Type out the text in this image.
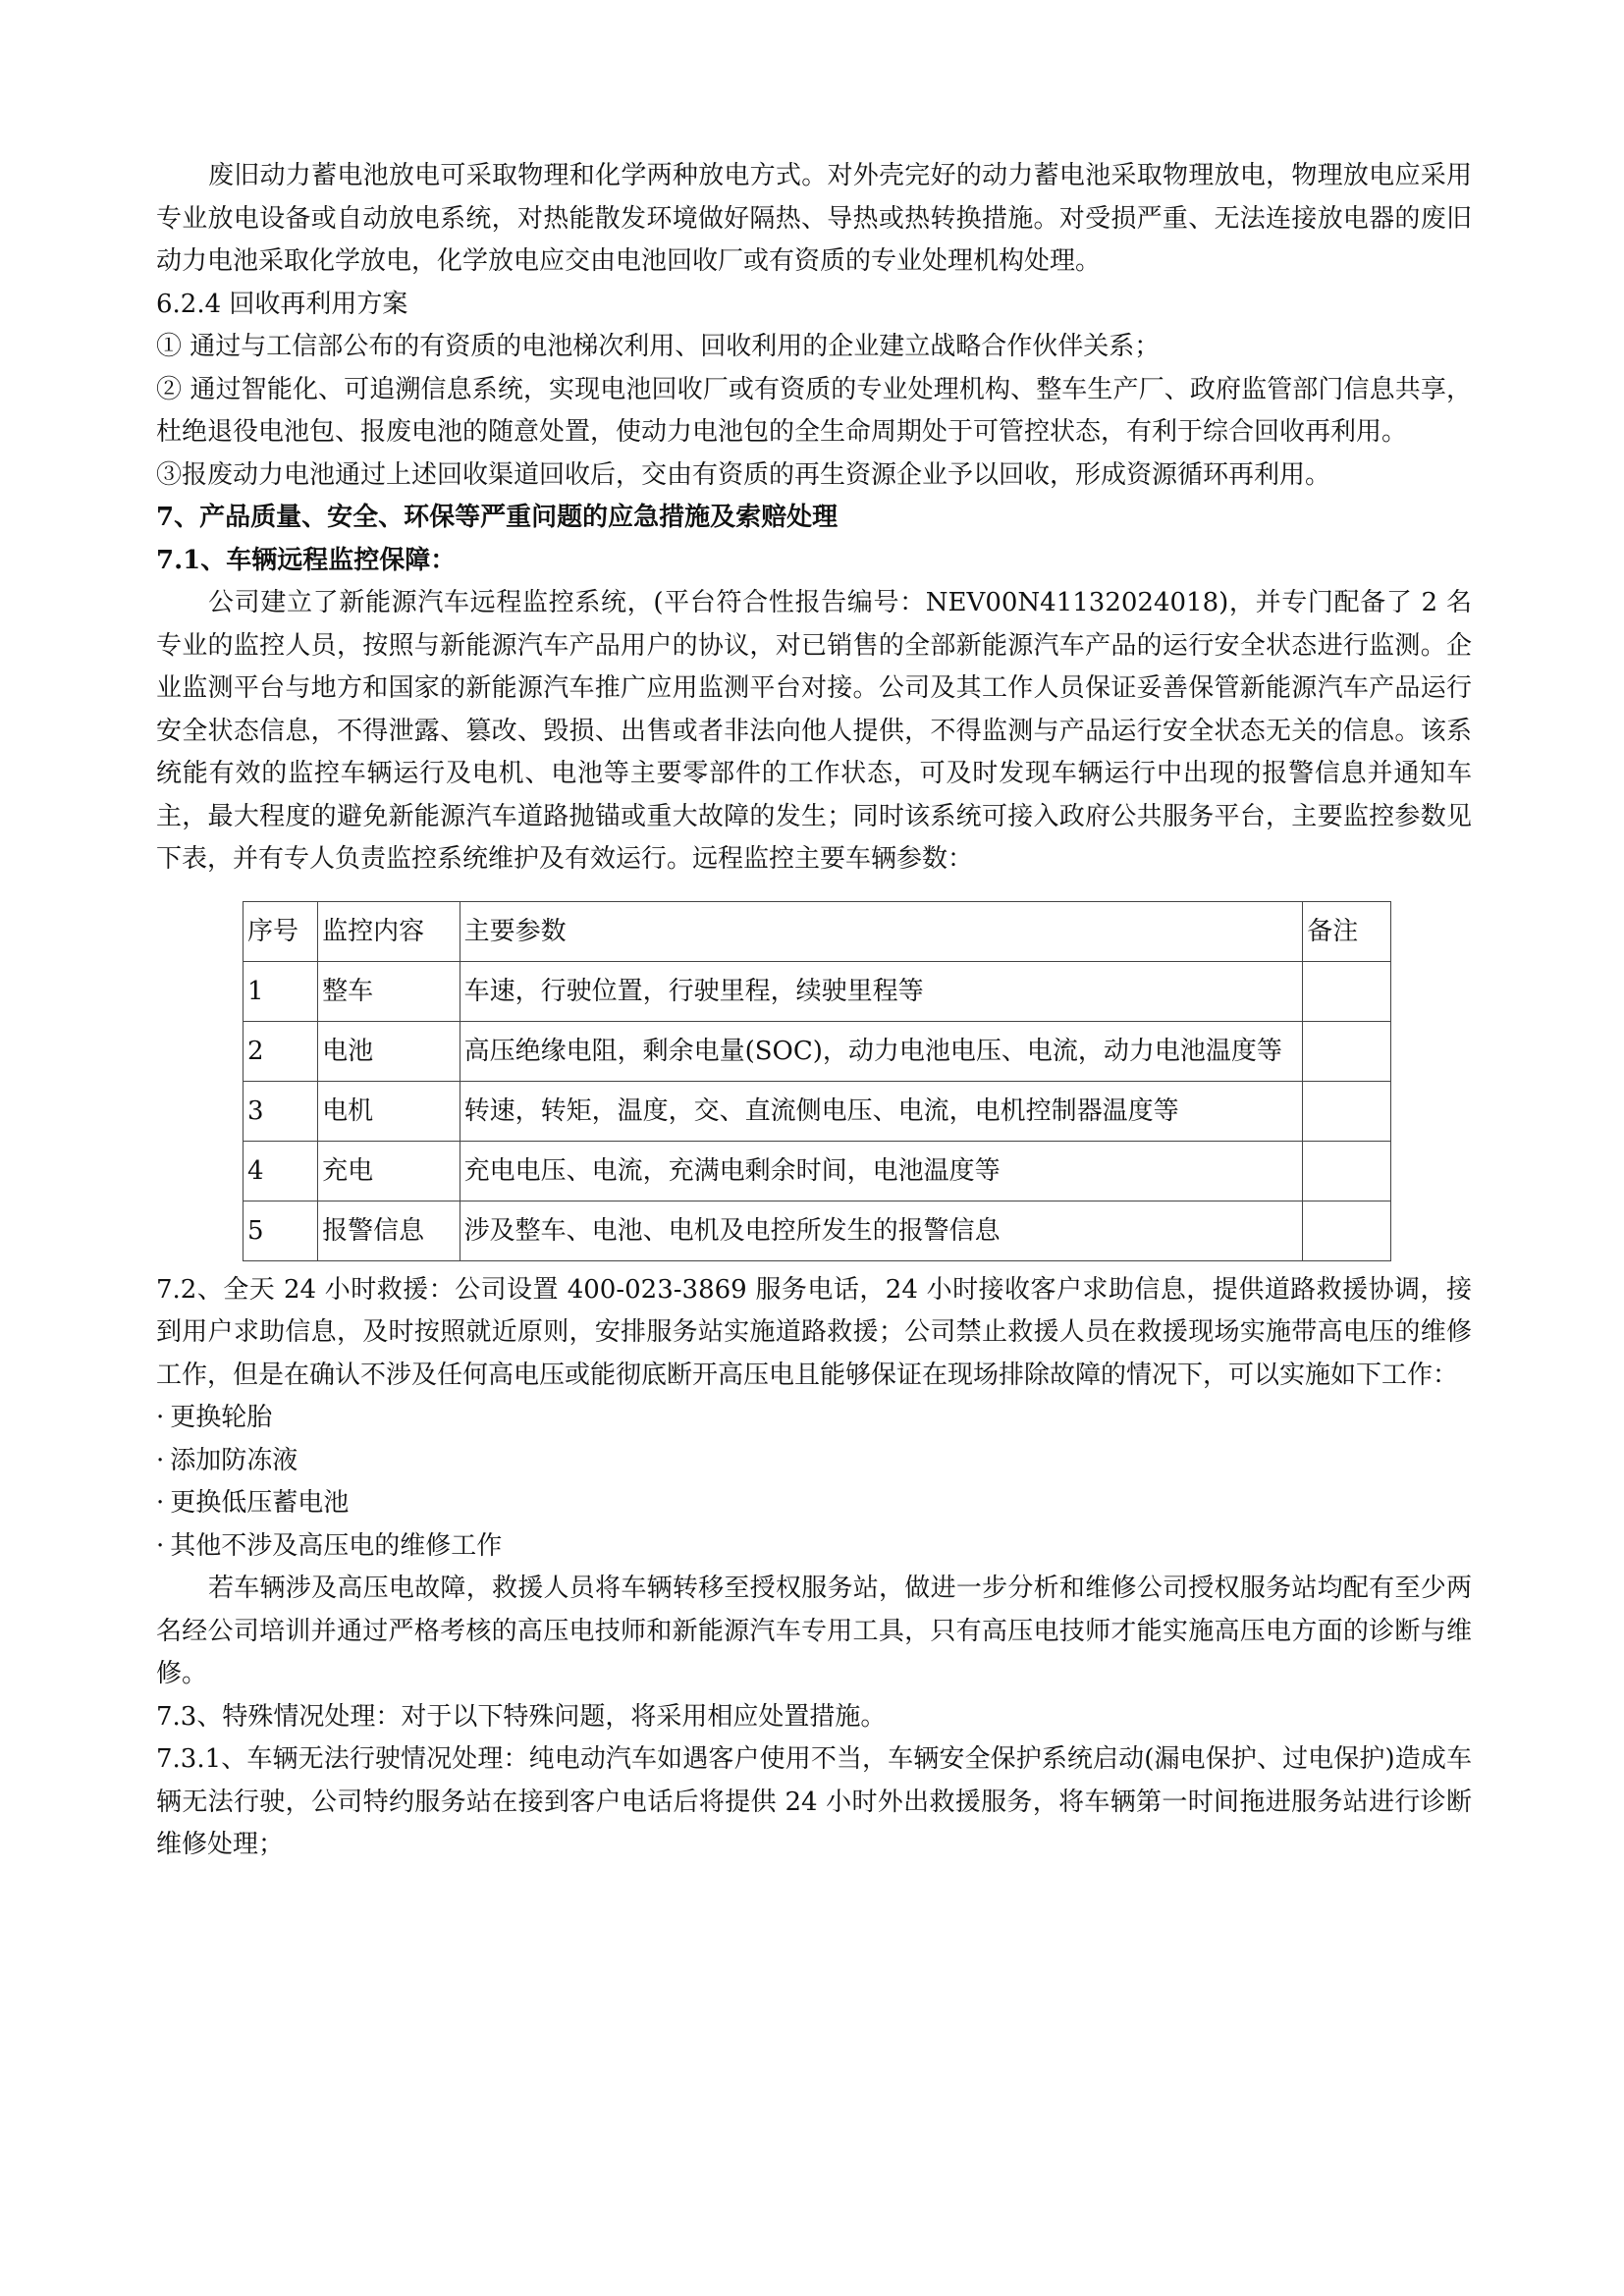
废旧动力蓄电池放电可采取物理和化学两种放电方式。对外壳完好的动力蓄电池采取物理放电，物理放电应采用专业放电设备或自动放电系统，对热能散发环境做好隔热、导热或热转换措施。对受损严重、无法连接放电器的废旧动力电池采取化学放电，化学放电应交由电池回收厂或有资质的专业处理机构处理。

6.2.4 回收再利用方案

① 通过与工信部公布的有资质的电池梯次利用、回收利用的企业建立战略合作伙伴关系；

② 通过智能化、可追溯信息系统，实现电池回收厂或有资质的专业处理机构、整车生产厂、政府监管部门信息共享，杜绝退役电池包、报废电池的随意处置，使动力电池包的全生命周期处于可管控状态，有利于综合回收再利用。

③报废动力电池通过上述回收渠道回收后，交由有资质的再生资源企业予以回收，形成资源循环再利用。

7、产品质量、安全、环保等严重问题的应急措施及索赔处理

7.1、车辆远程监控保障：

公司建立了新能源汽车远程监控系统，(平台符合性报告编号：NEV00N41132024018)，并专门配备了 2 名专业的监控人员，按照与新能源汽车产品用户的协议，对已销售的全部新能源汽车产品的运行安全状态进行监测。企业监测平台与地方和国家的新能源汽车推广应用监测平台对接。公司及其工作人员保证妥善保管新能源汽车产品运行安全状态信息，不得泄露、篡改、毁损、出售或者非法向他人提供，不得监测与产品运行安全状态无关的信息。该系统能有效的监控车辆运行及电机、电池等主要零部件的工作状态，可及时发现车辆运行中出现的报警信息并通知车主，最大程度的避免新能源汽车道路抛锚或重大故障的发生；同时该系统可接入政府公共服务平台，主要监控参数见下表，并有专人负责监控系统维护及有效运行。远程监控主要车辆参数：

序号	监控内容	主要参数	备注
1	整车	车速，行驶位置，行驶里程，续驶里程等	
2	电池	高压绝缘电阻，剩余电量(SOC)，动力电池电压、电流，动力电池温度等	
3	电机	转速，转矩，温度，交、直流侧电压、电流，电机控制器温度等	
4	充电	充电电压、电流，充满电剩余时间，电池温度等	
5	报警信息	涉及整车、电池、电机及电控所发生的报警信息	

7.2、全天 24 小时救援：公司设置 400-023-3869 服务电话，24 小时接收客户求助信息，提供道路救援协调，接到用户求助信息，及时按照就近原则，安排服务站实施道路救援；公司禁止救援人员在救援现场实施带高电压的维修工作，但是在确认不涉及任何高电压或能彻底断开高压电且能够保证在现场排除故障的情况下，可以实施如下工作：

· 更换轮胎

· 添加防冻液

· 更换低压蓄电池

· 其他不涉及高压电的维修工作

若车辆涉及高压电故障，救援人员将车辆转移至授权服务站，做进一步分析和维修公司授权服务站均配有至少两名经公司培训并通过严格考核的高压电技师和新能源汽车专用工具，只有高压电技师才能实施高压电方面的诊断与维修。

7.3、特殊情况处理：对于以下特殊问题，将采用相应处置措施。

7.3.1、车辆无法行驶情况处理：纯电动汽车如遇客户使用不当，车辆安全保护系统启动(漏电保护、过电保护)造成车辆无法行驶，公司特约服务站在接到客户电话后将提供 24 小时外出救援服务，将车辆第一时间拖进服务站进行诊断维修处理；
